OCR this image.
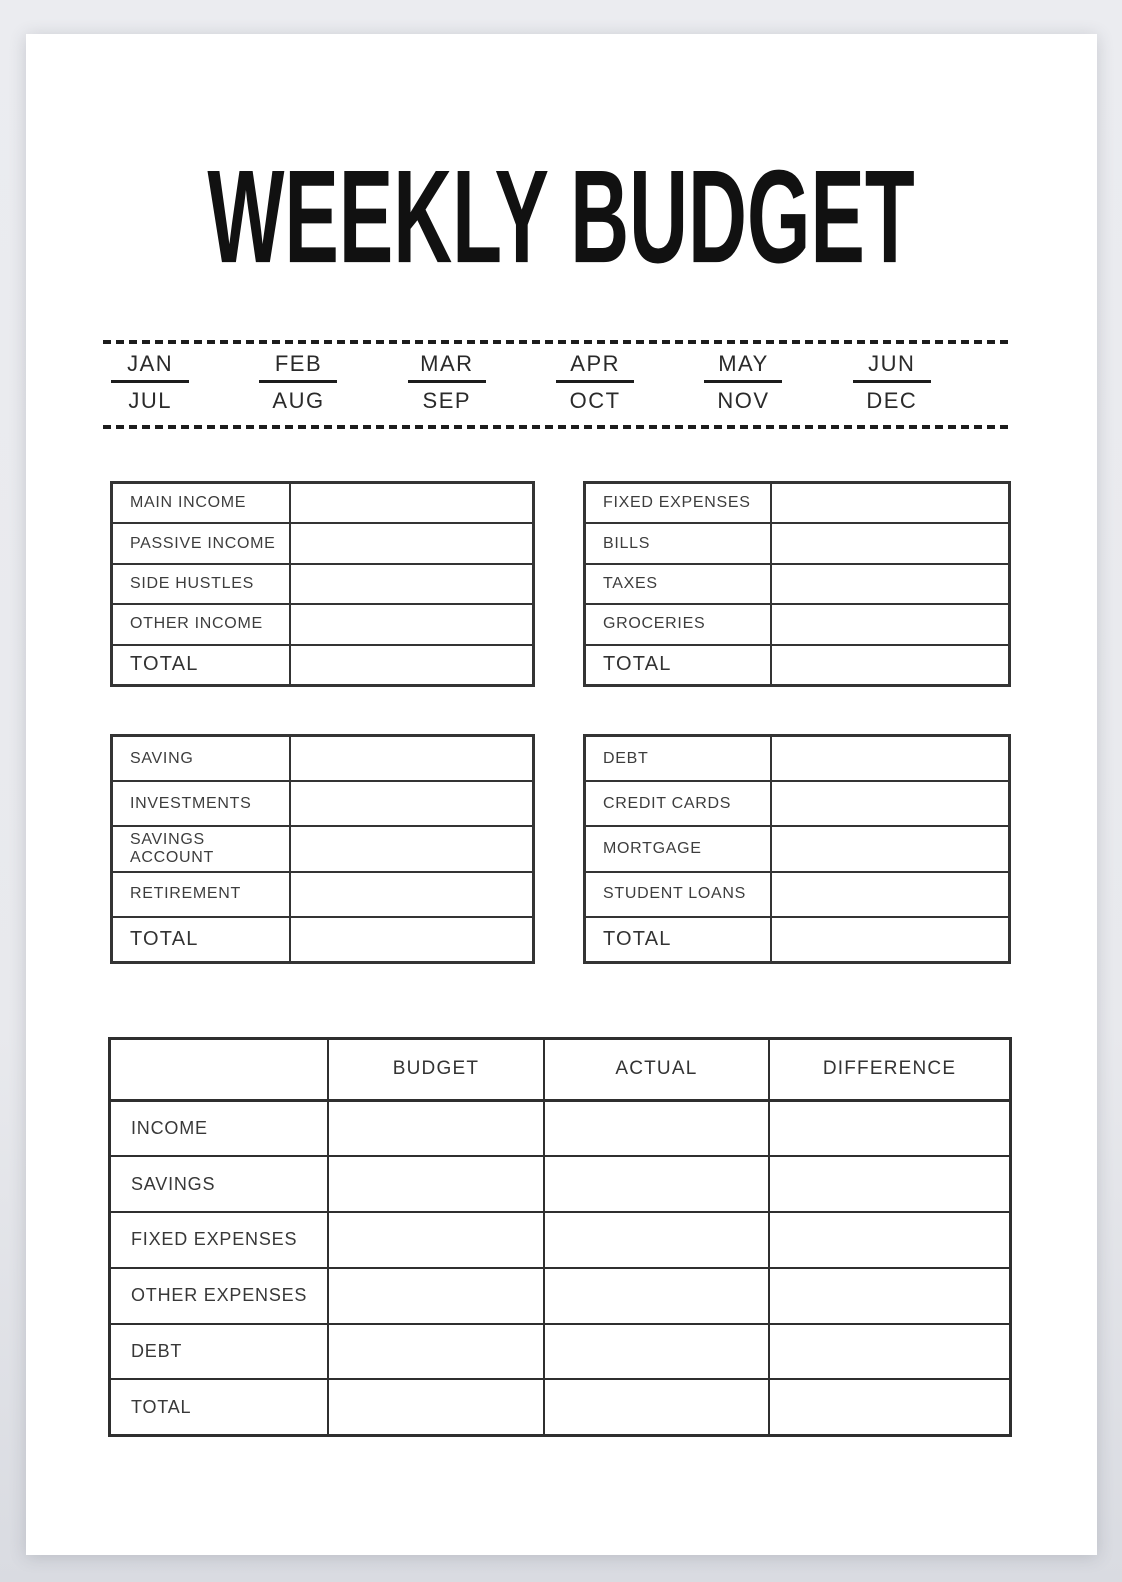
WEEKLY BUDGET
JAN
JUL
FEB
AUG
MAR
SEP
APR
OCT
MAY
NOV
JUN
DEC
MAIN INCOME
PASSIVE INCOME
SIDE HUSTLES
OTHER INCOME
TOTAL
FIXED EXPENSES
BILLS
TAXES
GROCERIES
TOTAL
SAVING
INVESTMENTS
SAVINGS ACCOUNT
RETIREMENT
TOTAL
DEBT
CREDIT CARDS
MORTGAGE
STUDENT LOANS
TOTAL
BUDGET	ACTUAL	DIFFERENCE
INCOME
SAVINGS
FIXED EXPENSES
OTHER EXPENSES
DEBT
TOTAL
